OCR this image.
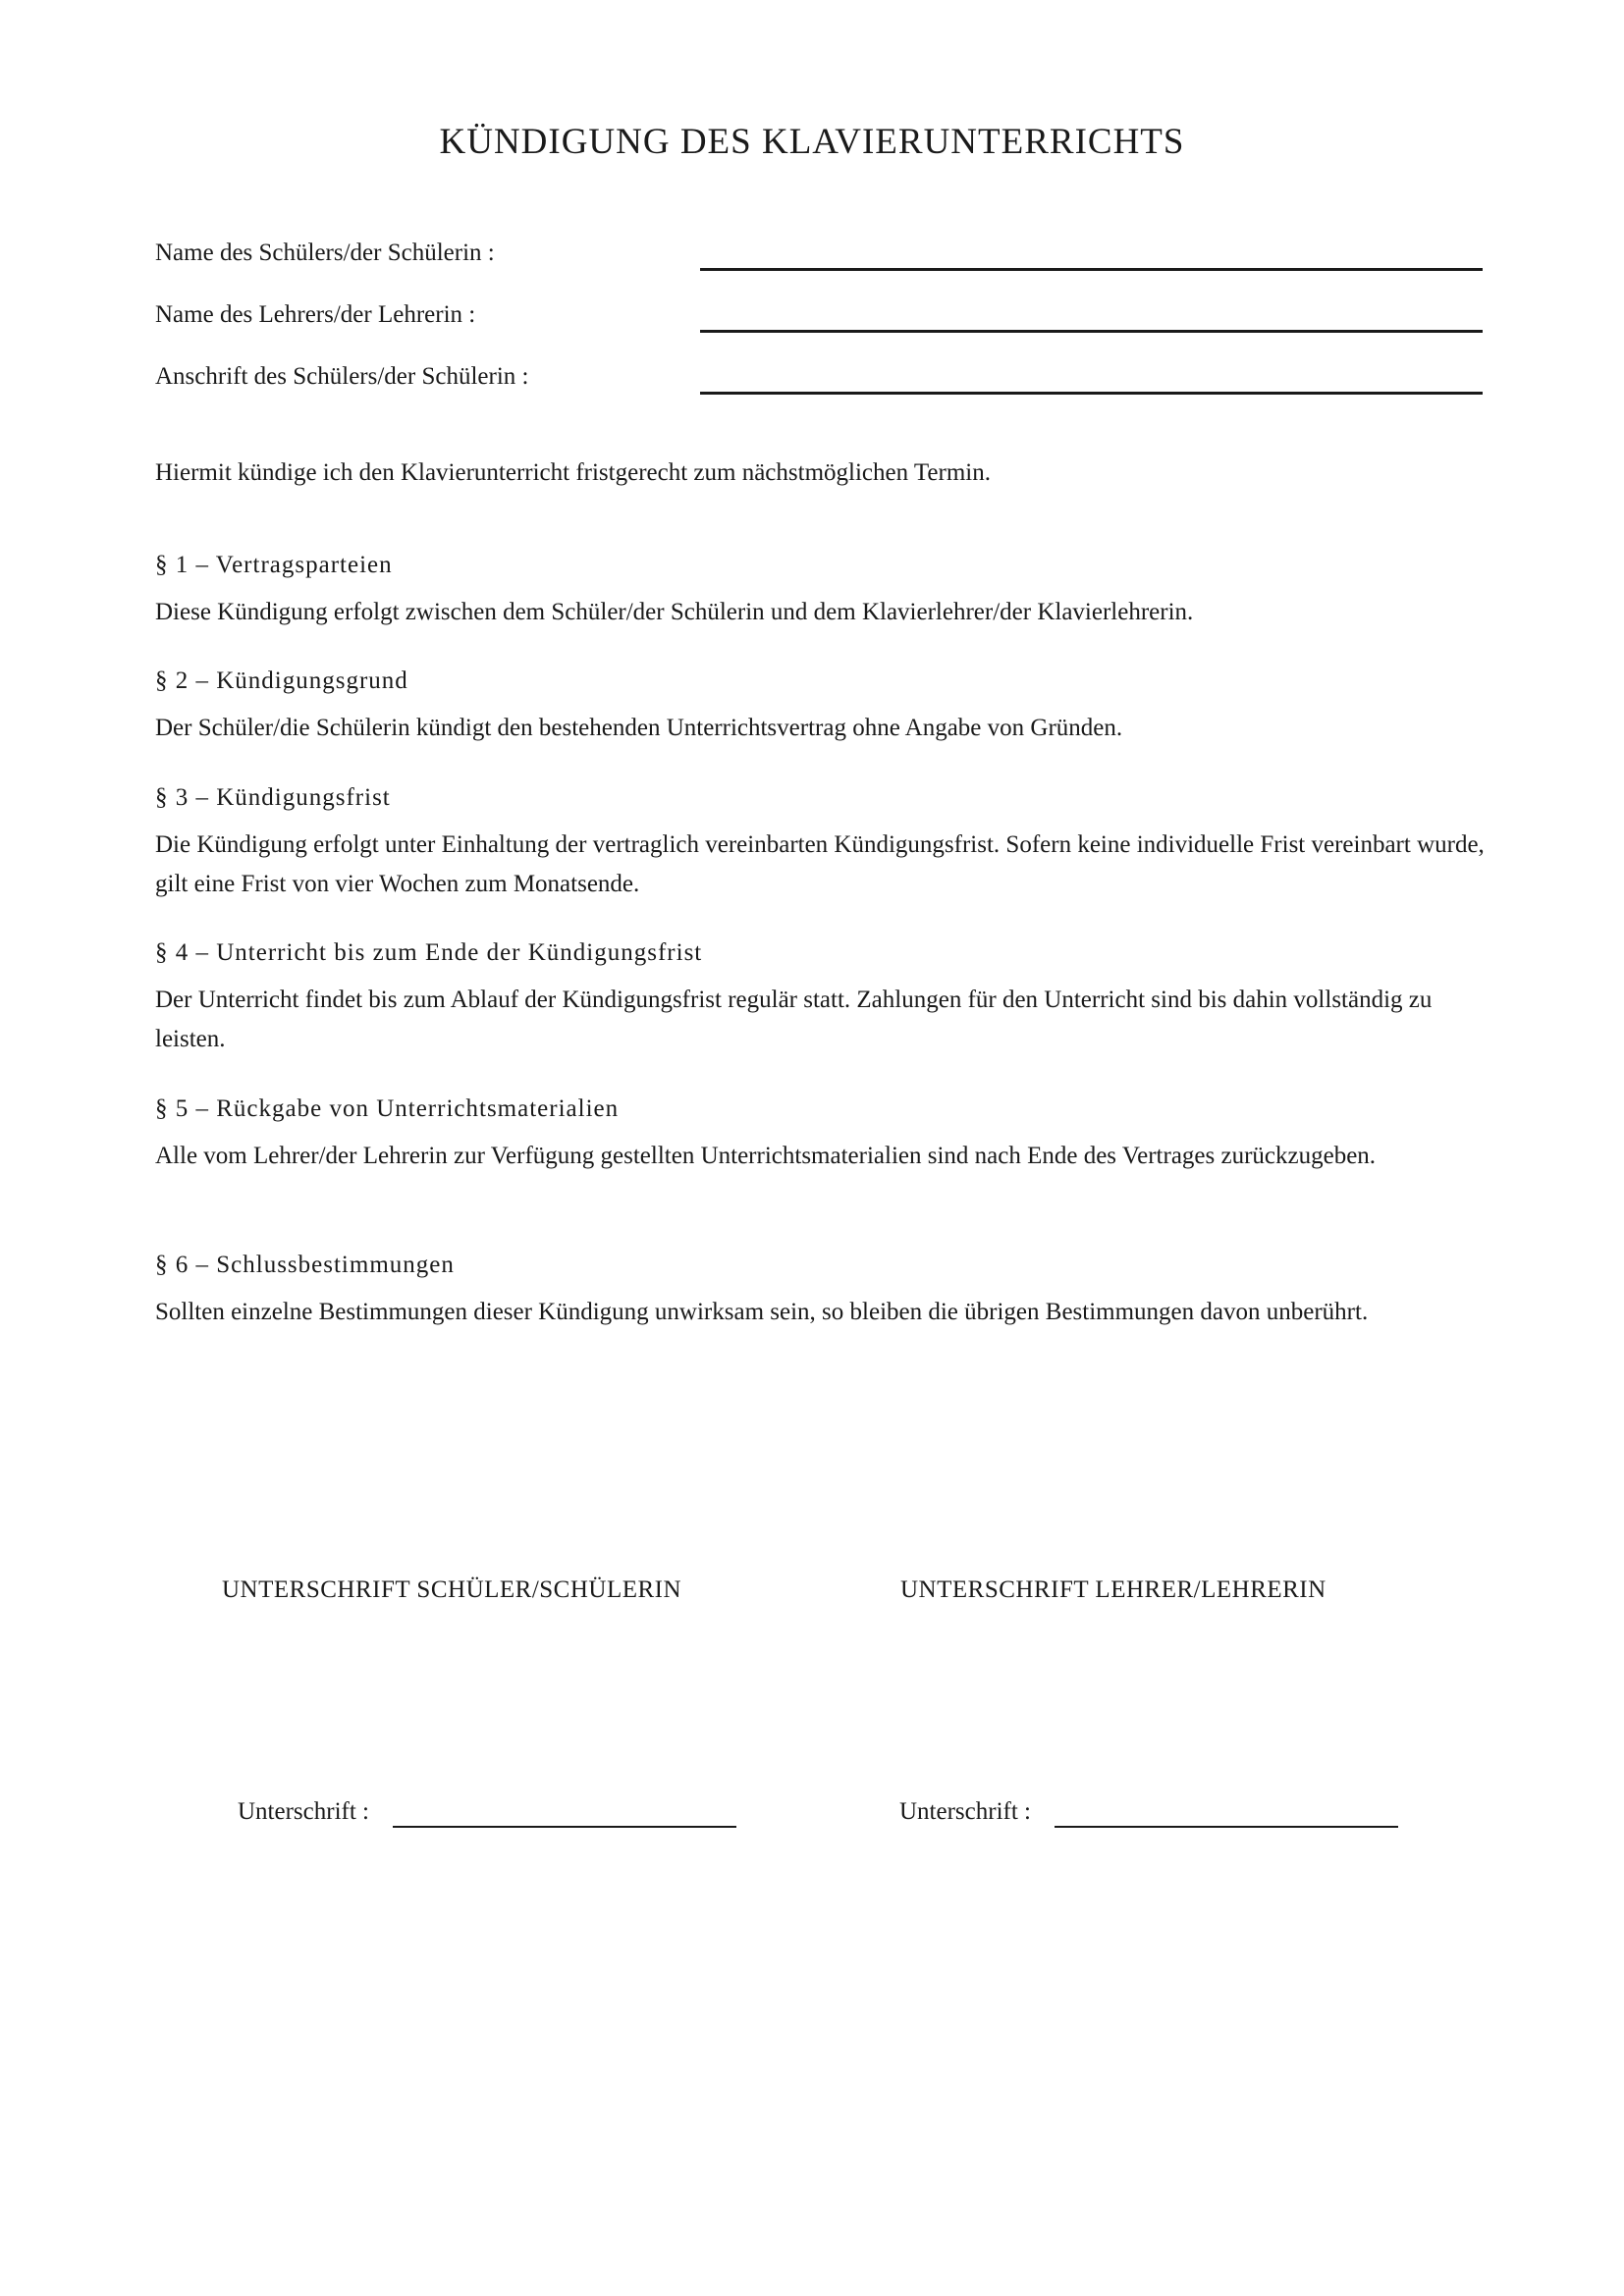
KÜNDIGUNG DES KLAVIERUNTERRICHTS
Name des Schülers/der Schülerin :
Name des Lehrers/der Lehrerin :
Anschrift des Schülers/der Schülerin :

Hiermit kündige ich den Klavierunterricht fristgerecht zum nächstmöglichen Termin.

§ 1 – Vertragsparteien

Diese Kündigung erfolgt zwischen dem Schüler/der Schülerin und dem Klavierlehrer/der Klavierlehrerin.

§ 2 – Kündigungsgrund

Der Schüler/die Schülerin kündigt den bestehenden Unterrichtsvertrag ohne Angabe von Gründen.

§ 3 – Kündigungsfrist

Die Kündigung erfolgt unter Einhaltung der vertraglich vereinbarten Kündigungsfrist. Sofern keine individuelle Frist vereinbart wurde, gilt eine Frist von vier Wochen zum Monatsende.

§ 4 – Unterricht bis zum Ende der Kündigungsfrist

Der Unterricht findet bis zum Ablauf der Kündigungsfrist regulär statt. Zahlungen für den Unterricht sind bis dahin vollständig zu leisten.

§ 5 – Rückgabe von Unterrichtsmaterialien

Alle vom Lehrer/der Lehrerin zur Verfügung gestellten Unterrichtsmaterialien sind nach Ende des Vertrages zurückzugeben.

§ 6 – Schlussbestimmungen

Sollten einzelne Bestimmungen dieser Kündigung unwirksam sein, so bleiben die übrigen Bestimmungen davon unberührt.

UNTERSCHRIFT SCHÜLER/SCHÜLERIN	UNTERSCHRIFT LEHRER/LEHRERIN
Unterschrift :	Unterschrift :
